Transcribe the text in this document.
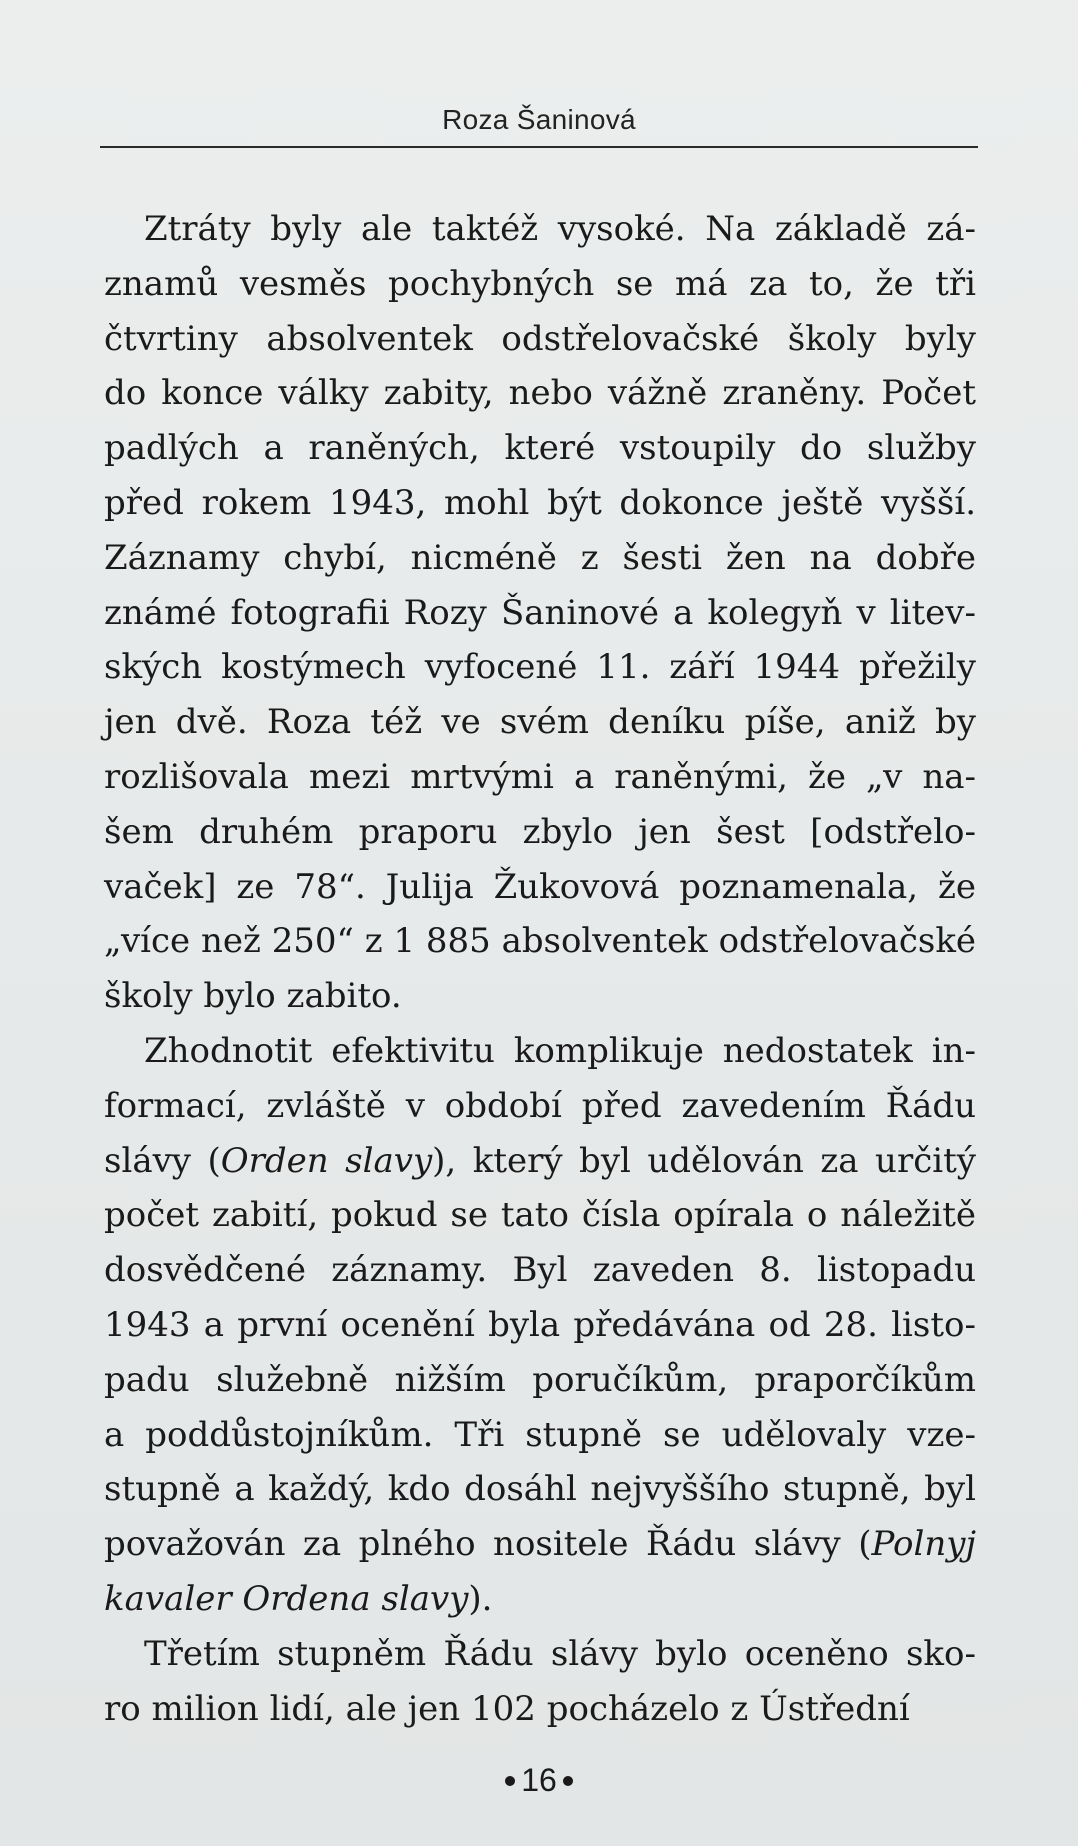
Roza Šaninová

Ztráty byly ale taktéž vysoké. Na základě zá-
znamů vesměs pochybných se má za to, že tři
čtvrtiny absolventek odstřelovačské školy byly
do konce války zabity, nebo vážně zraněny. Počet
padlých a raněných, které vstoupily do služby
před rokem 1943, mohl být dokonce ještě vyšší.
Záznamy chybí, nicméně z šesti žen na dobře
známé fotografii Rozy Šaninové a kolegyň v litev-
ských kostýmech vyfocené 11. září 1944 přežily
jen dvě. Roza též ve svém deníku píše, aniž by
rozlišovala mezi mrtvými a raněnými, že „v na-
šem druhém praporu zbylo jen šest [odstřelo-
vaček] ze 78“. Julija Žukovová poznamenala, že
„více než 250“ z 1 885 absolventek odstřelovačské
školy bylo zabito.

Zhodnotit efektivitu komplikuje nedostatek in-
formací, zvláště v období před zavedením Řádu
slávy (Orden slavy), který byl udělován za určitý
počet zabití, pokud se tato čísla opírala o náležitě
dosvědčené záznamy. Byl zaveden 8. listopadu
1943 a první ocenění byla předávána od 28. listo-
padu služebně nižším poručíkům, praporčíkům
a poddůstojníkům. Tři stupně se udělovaly vze-
stupně a každý, kdo dosáhl nejvyššího stupně, byl
považován za plného nositele Řádu slávy (Polnyj
kavaler Ordena slavy).

Třetím stupněm Řádu slávy bylo oceněno sko-
ro milion lidí, ale jen 102 pocházelo z Ústřední

16
